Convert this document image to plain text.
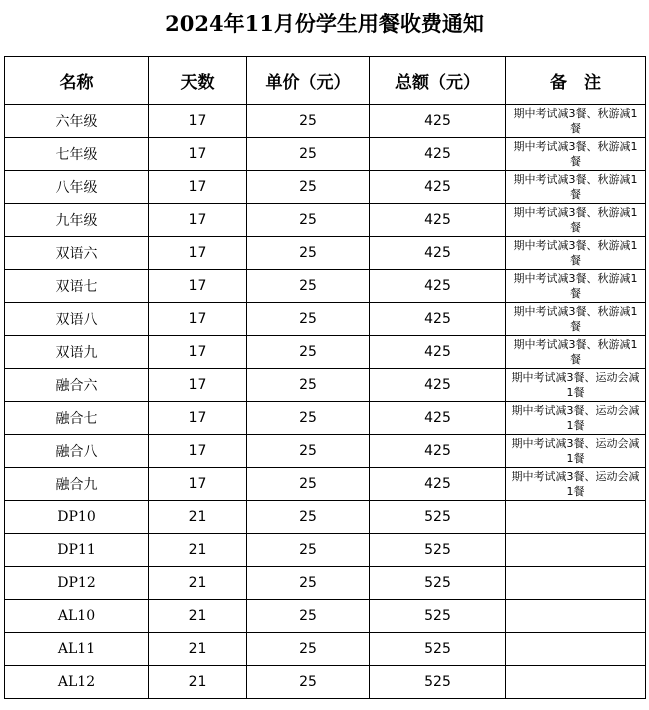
2024年11月份学生用餐收费通知
名称	天数	单价（元）	总额（元）	备　注
六年级	17	25	425	期中考试减3餐、秋游减1餐
七年级	17	25	425	期中考试减3餐、秋游减1餐
八年级	17	25	425	期中考试减3餐、秋游减1餐
九年级	17	25	425	期中考试减3餐、秋游减1餐
双语六	17	25	425	期中考试减3餐、秋游减1餐
双语七	17	25	425	期中考试减3餐、秋游减1餐
双语八	17	25	425	期中考试减3餐、秋游减1餐
双语九	17	25	425	期中考试减3餐、秋游减1餐
融合六	17	25	425	期中考试减3餐、运动会减1餐
融合七	17	25	425	期中考试减3餐、运动会减1餐
融合八	17	25	425	期中考试减3餐、运动会减1餐
融合九	17	25	425	期中考试减3餐、运动会减1餐
DP10	21	25	525	
DP11	21	25	525	
DP12	21	25	525	
AL10	21	25	525	
AL11	21	25	525	
AL12	21	25	525	
